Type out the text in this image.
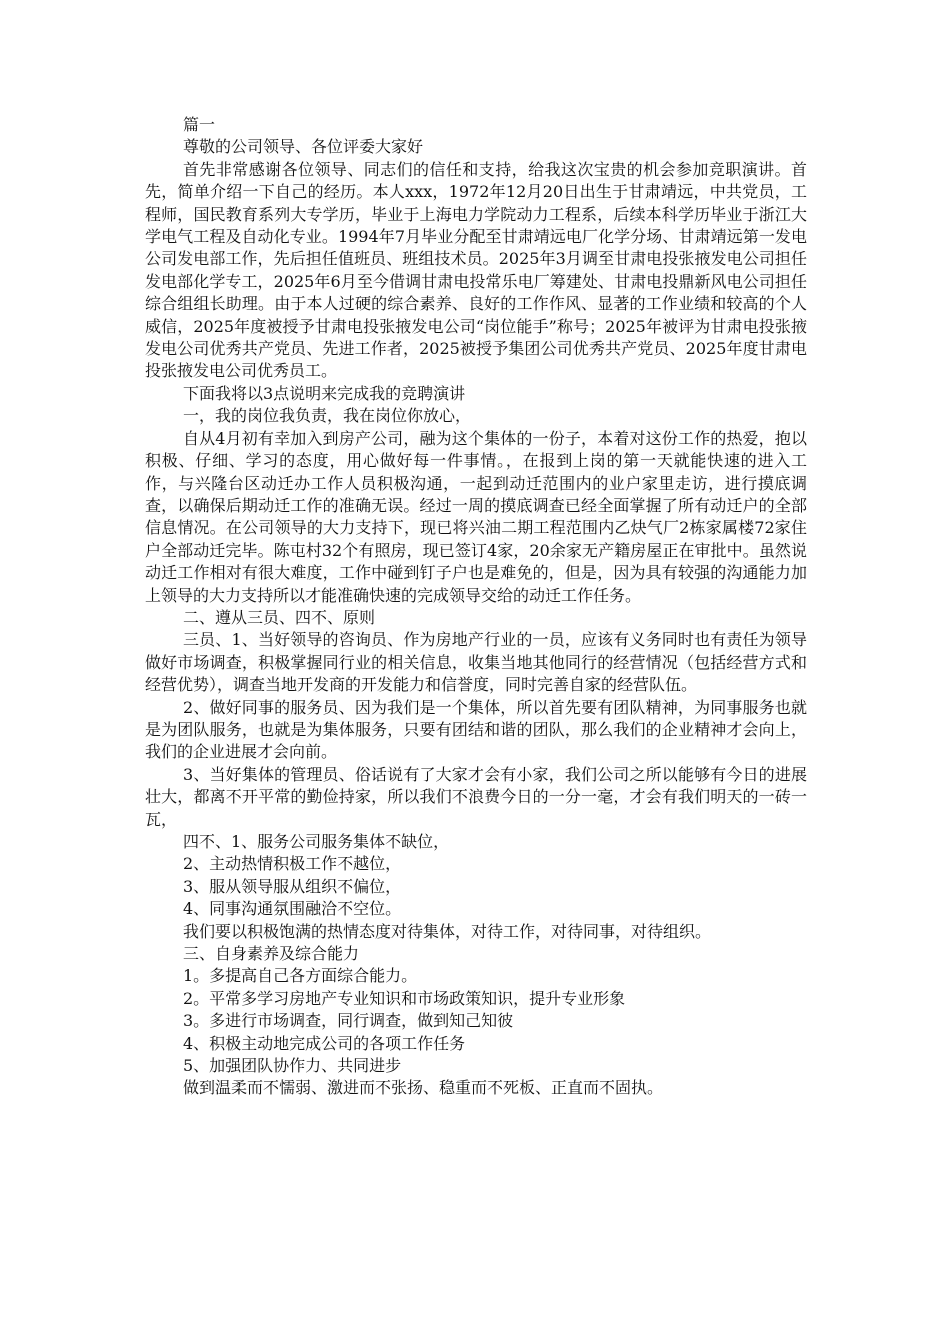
篇一

尊敬的公司领导、各位评委大家好

首先非常感谢各位领导、同志们的信任和支持，给我这次宝贵的机会参加竞职演讲。首先，简单介绍一下自己的经历。本人xxx，1972年12月20日出生于甘肃靖远，中共党员，工程师，国民教育系列大专学历，毕业于上海电力学院动力工程系，后续本科学历毕业于浙江大学电气工程及自动化专业。1994年7月毕业分配至甘肃靖远电厂化学分场、甘肃靖远第一发电公司发电部工作，先后担任值班员、班组技术员。2025年3月调至甘肃电投张掖发电公司担任发电部化学专工，2025年6月至今借调甘肃电投常乐电厂筹建处、甘肃电投鼎新风电公司担任综合组组长助理。由于本人过硬的综合素养、良好的工作作风、显著的工作业绩和较高的个人威信，2025年度被授予甘肃电投张掖发电公司“岗位能手”称号；2025年被评为甘肃电投张掖发电公司优秀共产党员、先进工作者，2025被授予集团公司优秀共产党员、2025年度甘肃电投张掖发电公司优秀员工。

下面我将以3点说明来完成我的竞聘演讲

一，我的岗位我负责，我在岗位你放心，

自从4月初有幸加入到房产公司，融为这个集体的一份子，本着对这份工作的热爱，抱以积极、仔细、学习的态度，用心做好每一件事情。，在报到上岗的第一天就能快速的进入工作，与兴隆台区动迁办工作人员积极沟通，一起到动迁范围内的业户家里走访，进行摸底调查，以确保后期动迁工作的准确无误。经过一周的摸底调查已经全面掌握了所有动迁户的全部信息情况。在公司领导的大力支持下，现已将兴油二期工程范围内乙炔气厂2栋家属楼72家住户全部动迁完毕。陈屯村32个有照房，现已签订4家，20余家无产籍房屋正在审批中。虽然说动迁工作相对有很大难度，工作中碰到钉子户也是难免的，但是，因为具有较强的沟通能力加上领导的大力支持所以才能准确快速的完成领导交给的动迁工作任务。

二、遵从三员、四不、原则

三员、1、当好领导的咨询员、作为房地产行业的一员，应该有义务同时也有责任为领导做好市场调查，积极掌握同行业的相关信息，收集当地其他同行的经营情况（包括经营方式和经营优势），调查当地开发商的开发能力和信誉度，同时完善自家的经营队伍。

2、做好同事的服务员、因为我们是一个集体，所以首先要有团队精神，为同事服务也就是为团队服务，也就是为集体服务，只要有团结和谐的团队，那么我们的企业精神才会向上，我们的企业进展才会向前。

3、当好集体的管理员、俗话说有了大家才会有小家，我们公司之所以能够有今日的进展壮大，都离不开平常的勤俭持家，所以我们不浪费今日的一分一毫，才会有我们明天的一砖一瓦，

四不、1、服务公司服务集体不缺位，

2、主动热情积极工作不越位，

3、服从领导服从组织不偏位，

4、同事沟通氛围融洽不空位。

我们要以积极饱满的热情态度对待集体，对待工作，对待同事，对待组织。

三、自身素养及综合能力

1。多提高自己各方面综合能力。

2。平常多学习房地产专业知识和市场政策知识，提升专业形象

3。多进行市场调查，同行调查，做到知己知彼

4、积极主动地完成公司的各项工作任务

5、加强团队协作力、共同进步

做到温柔而不懦弱、激进而不张扬、稳重而不死板、正直而不固执。
